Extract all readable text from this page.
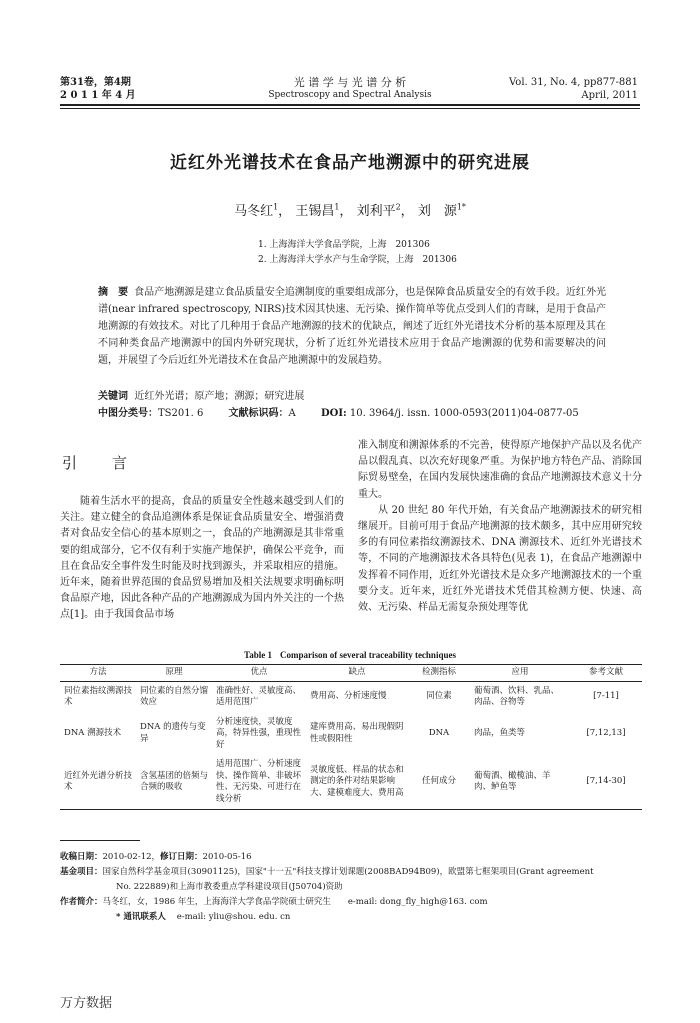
第31卷，第4期
2 0 1 1 年 4 月
光 谱 学 与 光 谱 分 析
Spectroscopy and Spectral Analysis
Vol. 31, No. 4, pp877-881
April, 2011
近红外光谱技术在食品产地溯源中的研究进展
马冬红$^1$， 王锡昌$^1$， 刘利平$^2$， 刘　源$^{1*}$
1. 上海海洋大学食品学院，上海　201306
2. 上海海洋大学水产与生命学院，上海　201306
摘　要 食品产地溯源是建立食品质量安全追溯制度的重要组成部分，也是保障食品质量安全的有效手段。近红外光谱(near infrared spectroscopy, NIRS)技术因其快速、无污染、操作简单等优点受到人们的青睐，是用于食品产地溯源的有效技术。对比了几种用于食品产地溯源的技术的优缺点，阐述了近红外光谱技术分析的基本原理及其在不同种类食品产地溯源中的国内外研究现状，分析了近红外光谱技术应用于食品产地溯源的优势和需要解决的问题，并展望了今后近红外光谱技术在食品产地溯源中的发展趋势。
关键词 近红外光谱；原产地；溯源；研究进展
中图分类号：TS201. 6	文献标识码：A	DOI: 10. 3964/j. issn. 1000-0593(2011)04-0877-05
引　言

随着生活水平的提高，食品的质量安全性越来越受到人们的关注。建立健全的食品追溯体系是保证食品质量安全、增强消费者对食品安全信心的基本原则之一，食品的产地溯源是其非常重要的组成部分，它不仅有利于实施产地保护，确保公平竞争，而且在食品安全事件发生时能及时找到源头，并采取相应的措施。近年来，随着世界范围的食品贸易增加及相关法规要求明确标明食品原产地，因此各种产品的产地溯源成为国内外关注的一个热点[1]。由于我国食品市场

准入制度和溯源体系的不完善，使得原产地保护产品以及名优产品以假乱真、以次充好现象严重。为保护地方特色产品、消除国际贸易壁垒，在国内发展快速准确的食品产地溯源技术意义十分重大。

从 20 世纪 80 年代开始，有关食品产地溯源技术的研究相继展开。目前可用于食品产地溯源的技术颇多，其中应用研究较多的有同位素指纹溯源技术、DNA 溯源技术、近红外光谱技术等，不同的产地溯源技术各具特色(见表 1)，在食品产地溯源中发挥着不同作用，近红外光谱技术是众多产地溯源技术的一个重要分支。近年来，近红外光谱技术凭借其检测方便、快速、高效、无污染、样品无需复杂预处理等优

Table 1 Comparison of several traceability techniques
方法	原理	优点	缺点	检测指标	应用	参考文献
同位素指纹溯源技术	同位素的自然分馏效应	准确性好、灵敏度高、适用范围广	费用高、分析速度慢	同位素	葡萄酒、饮料、乳品、肉品、谷物等	[7-11]
DNA 溯源技术	DNA 的遗传与变异	分析速度快，灵敏度高，特异性强，重现性好	建库费用高、易出现假阴性或假阳性	DNA	肉品，鱼类等	[7,12,13]
近红外光谱分析技术	含氢基团的倍频与合频的吸收	适用范围广、分析速度快、操作简单、非破坏性、无污染、可进行在线分析	灵敏度低、样品的状态和测定的条件对结果影响大、建模难度大、费用高	任何成分	葡萄酒、橄榄油、羊肉、鲈鱼等	[7,14-30]
收稿日期：2010-02-12，修订日期：2010-05-16
基金项目：国家自然科学基金项目(30901125)，国家"十一五"科技支撑计划课题(2008BAD94B09)，欧盟第七框架项目(Grant agreement
No. 222889)和上海市教委重点学科建设项目(J50704)资助
作者简介：马冬红，女，1986 年生，上海海洋大学食品学院硕士研究生　　e-mail: dong_fly_high@163. com
* 通讯联系人 e-mail: yliu@shou. edu. cn
万方数据
